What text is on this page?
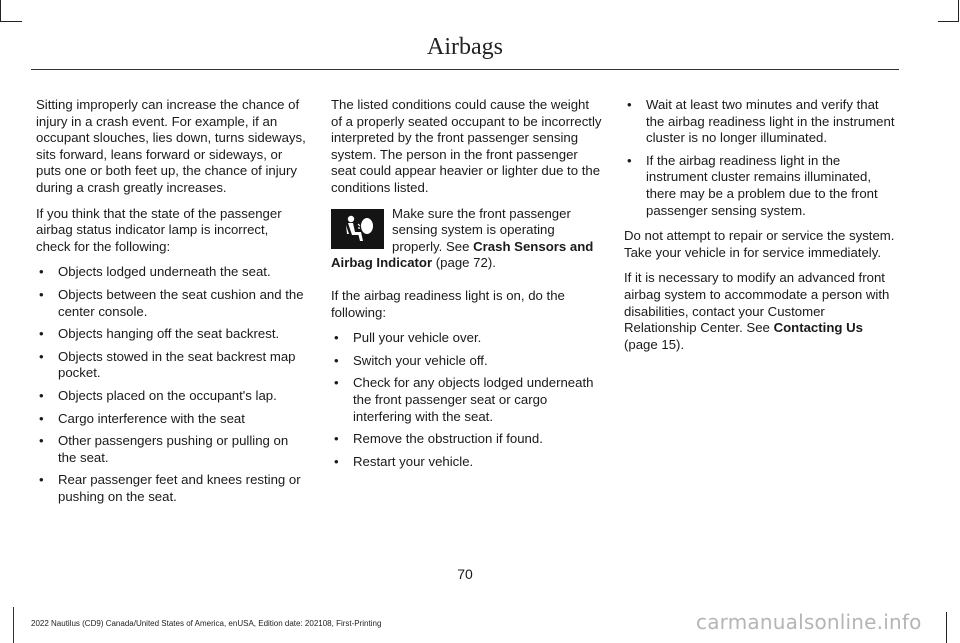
Airbags

Sitting improperly can increase the chance of injury in a crash event. For example, if an occupant slouches, lies down, turns sideways, sits forward, leans forward or sideways, or puts one or both feet up, the chance of injury during a crash greatly increases.

If you think that the state of the passenger airbag status indicator lamp is incorrect, check for the following:

• Objects lodged underneath the seat.
• Objects between the seat cushion and the center console.
• Objects hanging off the seat backrest.
• Objects stowed in the seat backrest map pocket.
• Objects placed on the occupant's lap.
• Cargo interference with the seat
• Other passengers pushing or pulling on the seat.
• Rear passenger feet and knees resting or pushing on the seat.

The listed conditions could cause the weight of a properly seated occupant to be incorrectly interpreted by the front passenger sensing system. The person in the front passenger seat could appear heavier or lighter due to the conditions listed.

Make sure the front passenger sensing system is operating properly. See Crash Sensors and Airbag Indicator (page 72).

If the airbag readiness light is on, do the following:

• Pull your vehicle over.
• Switch your vehicle off.
• Check for any objects lodged underneath the front passenger seat or cargo interfering with the seat.
• Remove the obstruction if found.
• Restart your vehicle.
• Wait at least two minutes and verify that the airbag readiness light in the instrument cluster is no longer illuminated.
• If the airbag readiness light in the instrument cluster remains illuminated, there may be a problem due to the front passenger sensing system.

Do not attempt to repair or service the system. Take your vehicle in for service immediately.

If it is necessary to modify an advanced front airbag system to accommodate a person with disabilities, contact your Customer Relationship Center. See Contacting Us (page 15).

70
2022 Nautilus (CD9) Canada/United States of America, enUSA, Edition date: 202108, First-Printing	carmanualsonline.info
